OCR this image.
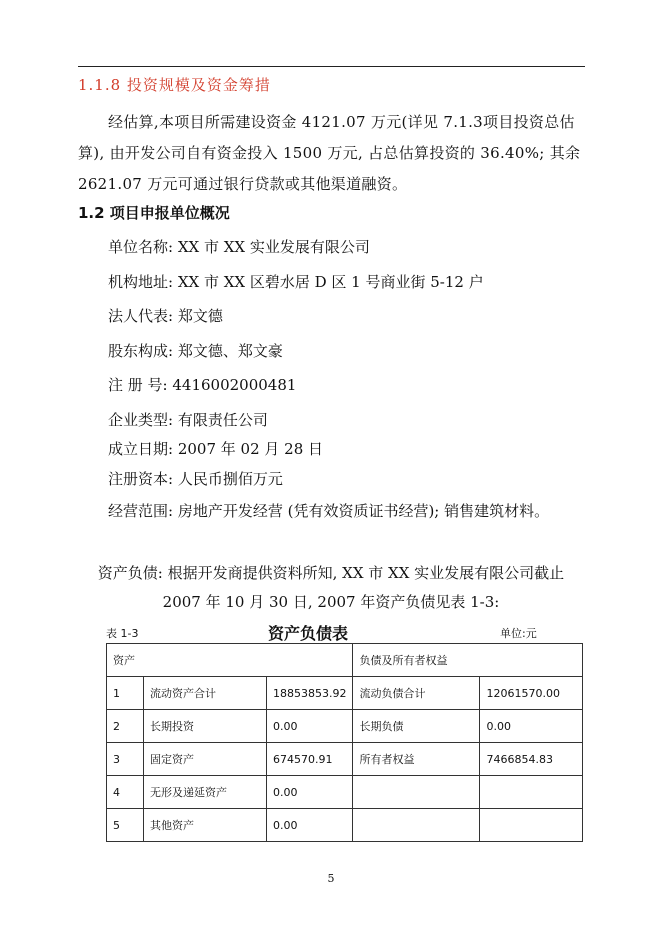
1.1.8 投资规模及资金筹措
经估算,本项目所需建设资金 4121.07 万元(详见 7.1.3项目投资总估
算), 由开发公司自有资金投入 1500 万元, 占总估算投资的 36.40%; 其余
2621.07 万元可通过银行贷款或其他渠道融资。
1.2 项目申报单位概况
单位名称: XX 市 XX 实业发展有限公司
机构地址: XX 市 XX 区碧水居 D 区 1 号商业街 5-12 户
法人代表: 郑文德
股东构成: 郑文德、郑文豪
注 册 号: 4416002000481
企业类型: 有限责任公司
成立日期: 2007 年 02 月 28 日
注册资本: 人民币捌佰万元
经营范围: 房地产开发经营 (凭有效资质证书经营); 销售建筑材料。
资产负债: 根据开发商提供资料所知, XX 市 XX 实业发展有限公司截止
2007 年 10 月 30 日, 2007 年资产负债见表 1-3:
表 1-3	资产负债表	单位:元
资产			负债及所有者权益	
1	流动资产合计	18853853.92	流动负债合计	12061570.00
2	长期投资	0.00	长期负债	0.00
3	固定资产	674570.91	所有者权益	7466854.83
4	无形及递延资产	0.00		
5	其他资产	0.00		
5
